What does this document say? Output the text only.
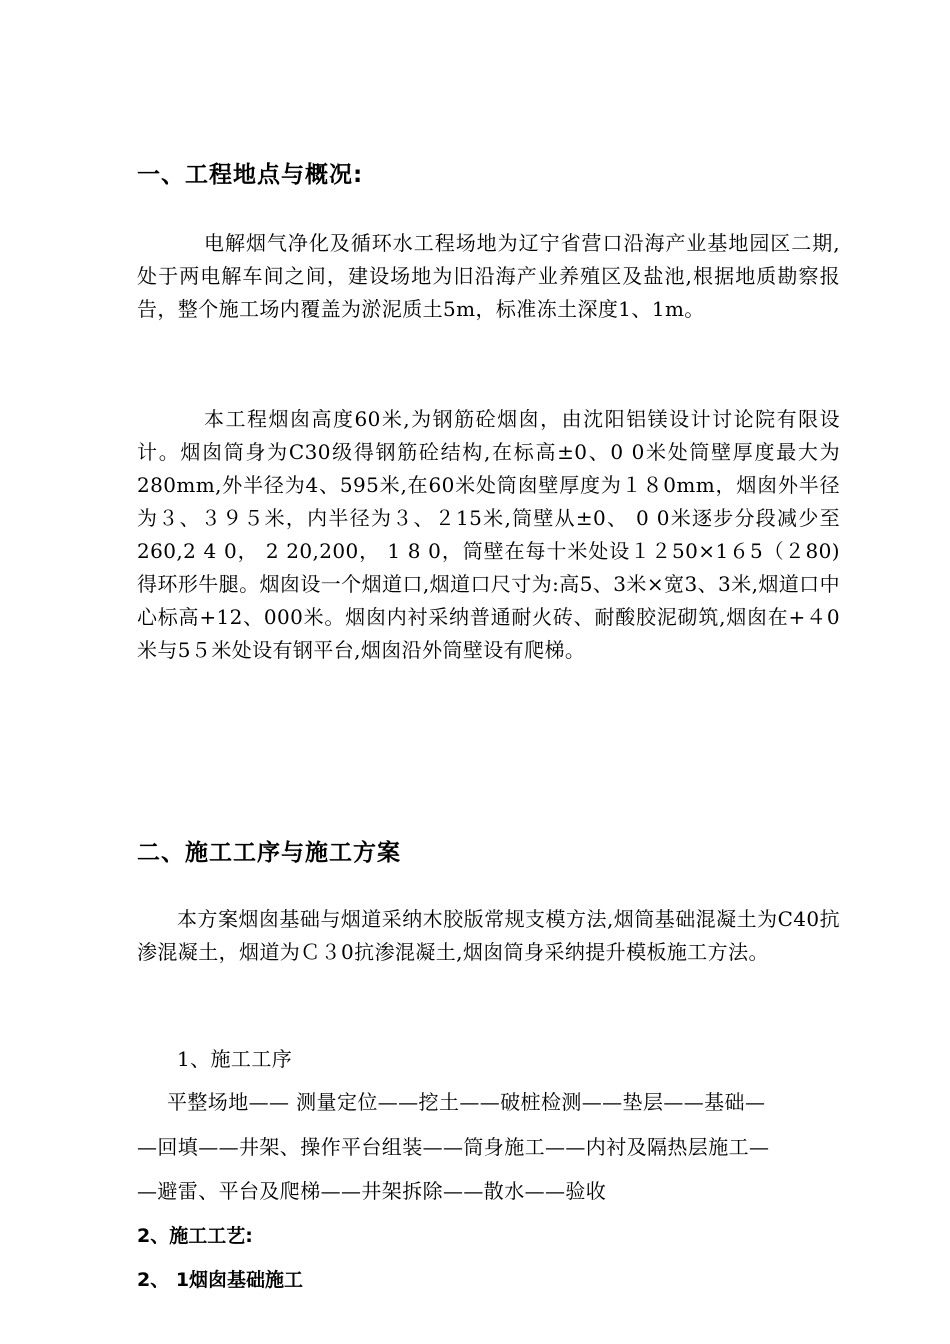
一、工程地点与概况:
电解烟气净化及循环水工程场地为辽宁省营口沿海产业基地园区二期,处于两电解车间之间，建设场地为旧沿海产业养殖区及盐池,根据地质勘察报告，整个施工场内覆盖为淤泥质土5m，标准冻土深度1、1m。
本工程烟囱高度60米,为钢筋砼烟囱，由沈阳铝镁设计讨论院有限设计。烟囱筒身为C30级得钢筋砼结构,在标高±0、0 0米处筒壁厚度最大为280mm,外半径为4、595米,在60米处筒囱壁厚度为１８0mm，烟囱外半径为３、３９５米，内半径为３、２15米,筒壁从±0、 0 0米逐步分段减少至260,2 4 0， 2 20,200， 1 8 0，筒壁在每十米处设１２50×1６5（２80)得环形牛腿。烟囱设一个烟道口,烟道口尺寸为:高5、3米×宽3、3米,烟道口中心标高+12、000米。烟囱内衬采纳普通耐火砖、耐酸胶泥砌筑,烟囱在+４0米与5５米处设有钢平台,烟囱沿外筒壁设有爬梯。
二、施工工序与施工方案
本方案烟囱基础与烟道采纳木胶版常规支模方法,烟筒基础混凝土为C40抗渗混凝土，烟道为Ｃ３0抗渗混凝土,烟囱筒身采纳提升模板施工方法。
1、施工工序
平整场地—— 测量定位——挖土——破桩检测——垫层——基础—
—回填——井架、操作平台组装——筒身施工——内衬及隔热层施工—
—避雷、平台及爬梯——井架拆除——散水——验收
2、施工工艺:
2、 1烟囱基础施工
